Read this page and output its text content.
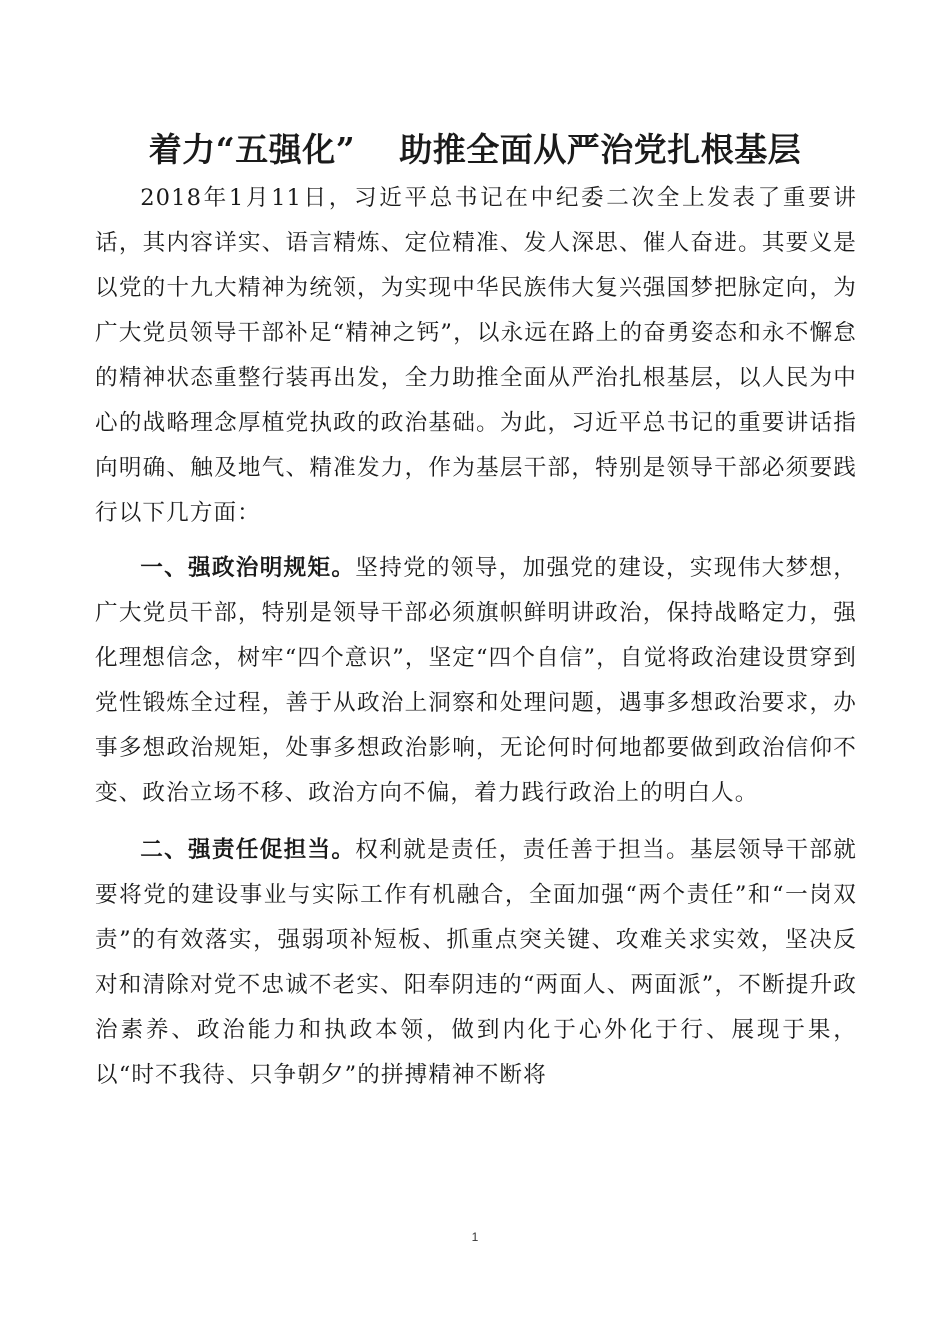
着力“五强化” 助推全面从严治党扎根基层

2018年1月11日，习近平总书记在中纪委二次全上发表了重要讲话，其内容详实、语言精炼、定位精准、发人深思、催人奋进。其要义是以党的十九大精神为统领，为实现中华民族伟大复兴强国梦把脉定向，为广大党员领导干部补足“精神之钙”，以永远在路上的奋勇姿态和永不懈怠的精神状态重整行装再出发，全力助推全面从严治扎根基层，以人民为中心的战略理念厚植党执政的政治基础。为此，习近平总书记的重要讲话指向明确、触及地气、精准发力，作为基层干部，特别是领导干部必须要践行以下几方面：

一、强政治明规矩。坚持党的领导，加强党的建设，实现伟大梦想，广大党员干部，特别是领导干部必须旗帜鲜明讲政治，保持战略定力，强化理想信念，树牢“四个意识”，坚定“四个自信”，自觉将政治建设贯穿到党性锻炼全过程，善于从政治上洞察和处理问题，遇事多想政治要求，办事多想政治规矩，处事多想政治影响，无论何时何地都要做到政治信仰不变、政治立场不移、政治方向不偏，着力践行政治上的明白人。

二、强责任促担当。权利就是责任，责任善于担当。基层领导干部就要将党的建设事业与实际工作有机融合，全面加强“两个责任”和“一岗双责”的有效落实，强弱项补短板、抓重点突关键、攻难关求实效，坚决反对和清除对党不忠诚不老实、阳奉阴违的“两面人、两面派”，不断提升政治素养、政治能力和执政本领，做到内化于心外化于行、展现于果，以“时不我待、只争朝夕”的拼搏精神不断将

1
